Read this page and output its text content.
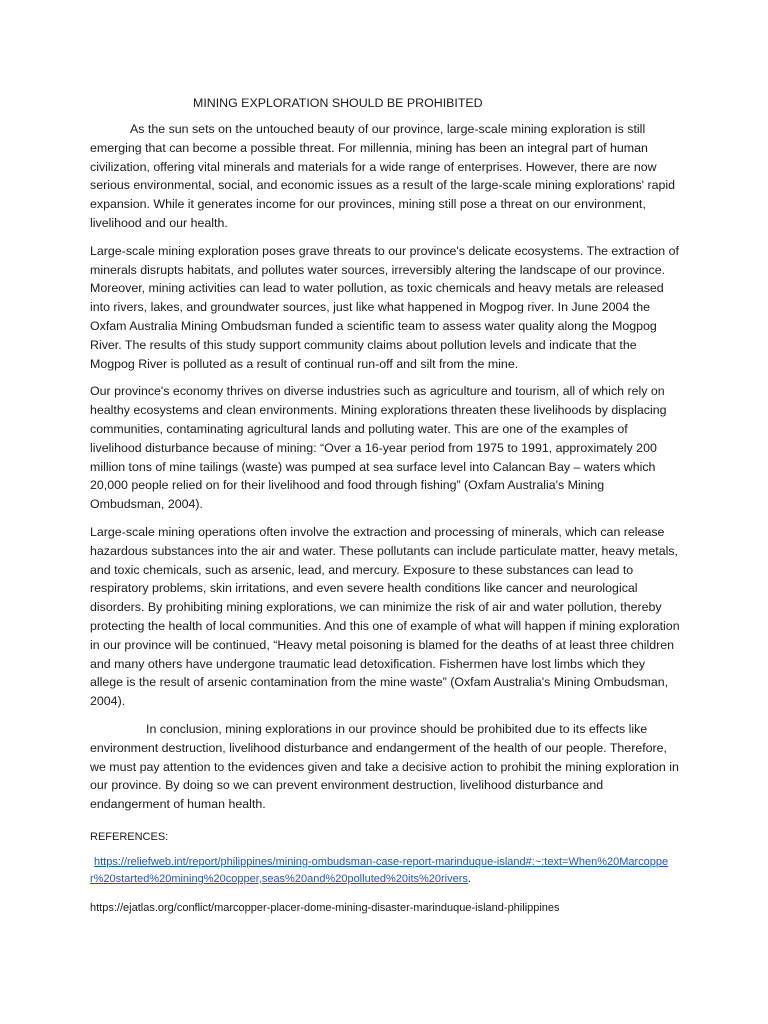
MINING EXPLORATION SHOULD BE PROHIBITED

As the sun sets on the untouched beauty of our province, large-scale mining exploration is still emerging that can become a possible threat. For millennia, mining has been an integral part of human civilization, offering vital minerals and materials for a wide range of enterprises. However, there are now serious environmental, social, and economic issues as a result of the large-scale mining explorations' rapid expansion. While it generates income for our provinces, mining still pose a threat on our environment, livelihood and our health.

Large-scale mining exploration poses grave threats to our province's delicate ecosystems. The extraction of minerals disrupts habitats, and pollutes water sources, irreversibly altering the landscape of our province. Moreover, mining activities can lead to water pollution, as toxic chemicals and heavy metals are released into rivers, lakes, and groundwater sources, just like what happened in Mogpog river. In June 2004 the Oxfam Australia Mining Ombudsman funded a scientific team to assess water quality along the Mogpog River. The results of this study support community claims about pollution levels and indicate that the Mogpog River is polluted as a result of continual run-off and silt from the mine.

Our province's economy thrives on diverse industries such as agriculture and tourism, all of which rely on healthy ecosystems and clean environments. Mining explorations threaten these livelihoods by displacing communities, contaminating agricultural lands and polluting water. This are one of the examples of livelihood disturbance because of mining: “Over a 16-year period from 1975 to 1991, approximately 200 million tons of mine tailings (waste) was pumped at sea surface level into Calancan Bay – waters which 20,000 people relied on for their livelihood and food through fishing” (Oxfam Australia's Mining Ombudsman, 2004).

Large-scale mining operations often involve the extraction and processing of minerals, which can release hazardous substances into the air and water. These pollutants can include particulate matter, heavy metals, and toxic chemicals, such as arsenic, lead, and mercury. Exposure to these substances can lead to respiratory problems, skin irritations, and even severe health conditions like cancer and neurological disorders. By prohibiting mining explorations, we can minimize the risk of air and water pollution, thereby protecting the health of local communities. And this one of example of what will happen if mining exploration in our province will be continued, “Heavy metal poisoning is blamed for the deaths of at least three children and many others have undergone traumatic lead detoxification. Fishermen have lost limbs which they allege is the result of arsenic contamination from the mine waste” (Oxfam Australia's Mining Ombudsman, 2004).

In conclusion, mining explorations in our province should be prohibited due to its effects like environment destruction, livelihood disturbance and endangerment of the health of our people. Therefore, we must pay attention to the evidences given and take a decisive action to prohibit the mining exploration in our province. By doing so we can prevent environment destruction, livelihood disturbance and endangerment of human health.

REFERENCES:
https://reliefweb.int/report/philippines/mining-ombudsman-case-report-marinduque-island#:~:text=When%20Marcopper%20started%20mining%20copper,seas%20and%20polluted%20its%20rivers.
https://ejatlas.org/conflict/marcopper-placer-dome-mining-disaster-marinduque-island-philippines
